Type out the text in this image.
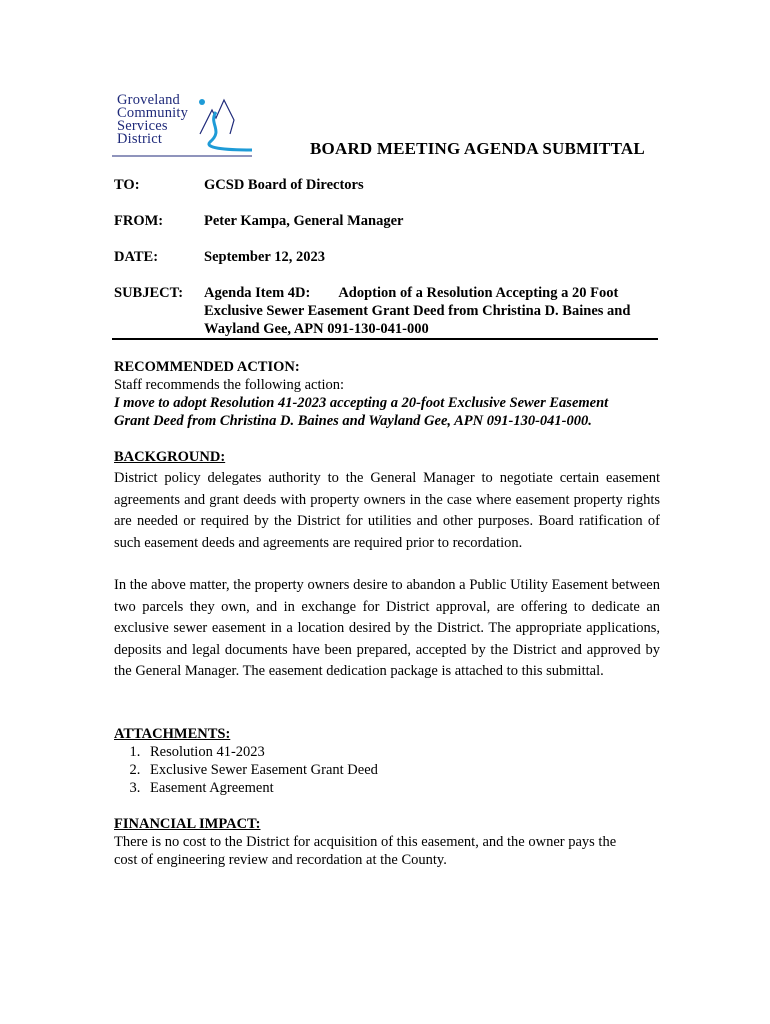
Groveland
Community
Services
District	BOARD MEETING AGENDA SUBMITTAL
TO:	GCSD Board of Directors
FROM:	Peter Kampa, General Manager
DATE:	September 12, 2023
SUBJECT:	Agenda Item 4D: Adoption of a Resolution Accepting a 20 Foot
Exclusive Sewer Easement Grant Deed from Christina D. Baines and
Wayland Gee, APN 091-130-041-000
RECOMMENDED ACTION:
Staff recommends the following action:
I move to adopt Resolution 41-2023 accepting a 20-foot Exclusive Sewer Easement
Grant Deed from Christina D. Baines and Wayland Gee, APN 091-130-041-000.
BACKGROUND:
District policy delegates authority to the General Manager to negotiate certain easement agreements and grant deeds with property owners in the case where easement property rights are needed or required by the District for utilities and other purposes. Board ratification of such easement deeds and agreements are required prior to recordation.
In the above matter, the property owners desire to abandon a Public Utility Easement between two parcels they own, and in exchange for District approval, are offering to dedicate an exclusive sewer easement in a location desired by the District. The appropriate applications, deposits and legal documents have been prepared, accepted by the District and approved by the General Manager. The easement dedication package is attached to this submittal.
ATTACHMENTS:
1. Resolution 41-2023
2. Exclusive Sewer Easement Grant Deed
3. Easement Agreement
FINANCIAL IMPACT:
There is no cost to the District for acquisition of this easement, and the owner pays the
cost of engineering review and recordation at the County.
